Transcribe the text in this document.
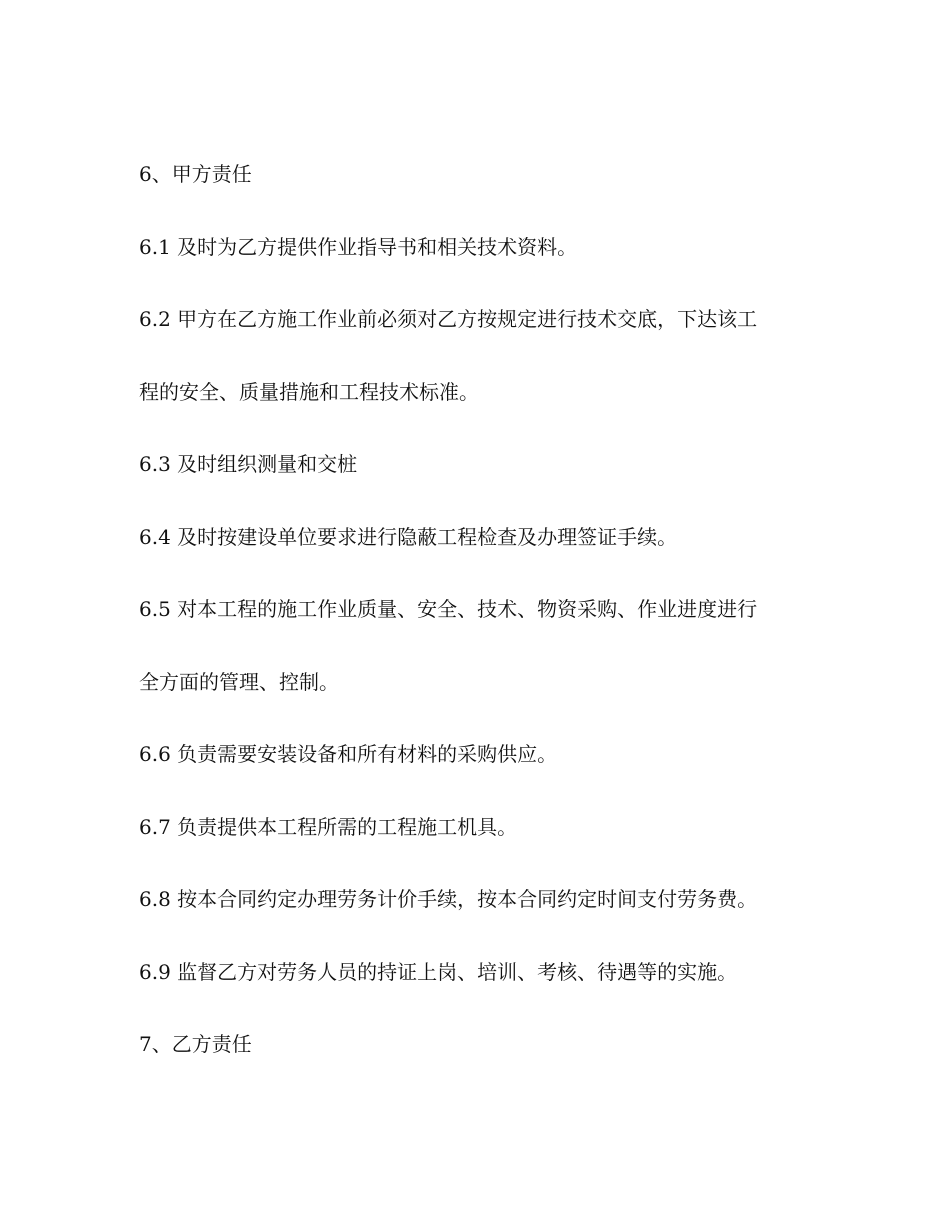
6、甲方责任

6.1 及时为乙方提供作业指导书和相关技术资料。

6.2 甲方在乙方施工作业前必须对乙方按规定进行技术交底，下达该工

程的安全、质量措施和工程技术标准。

6.3 及时组织测量和交桩

6.4 及时按建设单位要求进行隐蔽工程检查及办理签证手续。

6.5 对本工程的施工作业质量、安全、技术、物资采购、作业进度进行

全方面的管理、控制。

6.6 负责需要安装设备和所有材料的采购供应。

6.7 负责提供本工程所需的工程施工机具。

6.8 按本合同约定办理劳务计价手续，按本合同约定时间支付劳务费。

6.9 监督乙方对劳务人员的持证上岗、培训、考核、待遇等的实施。

7、乙方责任
